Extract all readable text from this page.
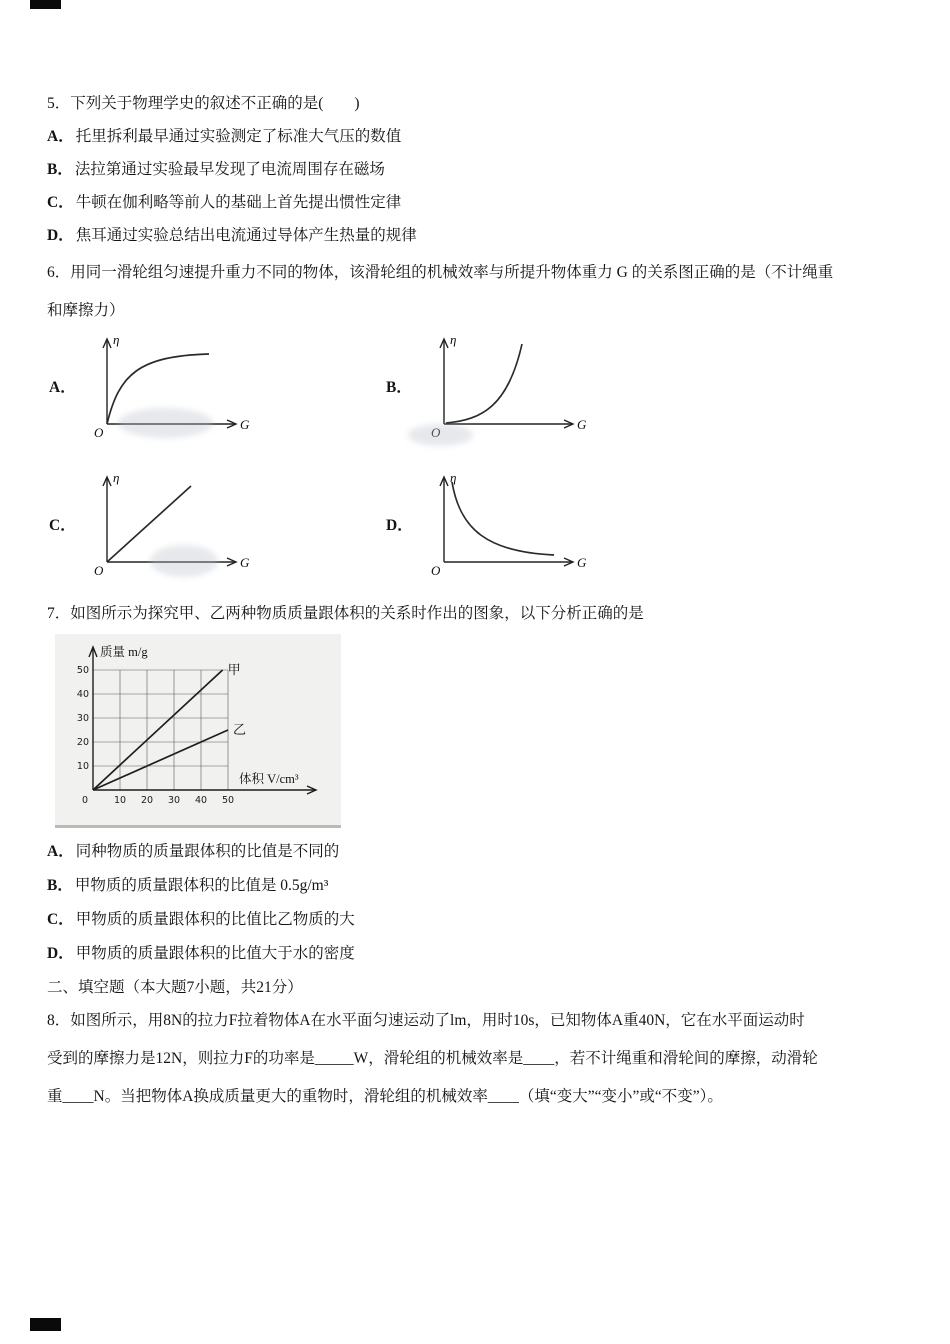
5．下列关于物理学史的叙述不正确的是(　　)

A． 托里拆利最早通过实验测定了标准大气压的数值

B． 法拉第通过实验最早发现了电流周围存在磁场

C． 牛顿在伽利略等前人的基础上首先提出惯性定律

D． 焦耳通过实验总结出电流通过导体产生热量的规律

6．用同一滑轮组匀速提升重力不同的物体，该滑轮组的机械效率与所提升物体重力 G 的关系图正确的是（不计绳重

和摩擦力）

A．
η
G
O
B．
η
G
O
C．
η
G
O
D．
η
G
O

7．如图所示为探究甲、乙两种物质质量跟体积的关系时作出的图象，以下分析正确的是

10 20 30 40 50
10
20
30
40
50
0
质量 m/g
体积 V/cm³
甲
乙

A． 同种物质的质量跟体积的比值是不同的

B． 甲物质的质量跟体积的比值是 0.5g/m³

C． 甲物质的质量跟体积的比值比乙物质的大

D． 甲物质的质量跟体积的比值大于水的密度

二、填空题（本大题7小题，共21分）

8．如图所示，用8N的拉力F拉着物体A在水平面匀速运动了lm，用时10s，已知物体A重40N，它在水平面运动时

受到的摩擦力是12N，则拉力F的功率是_____W，滑轮组的机械效率是____，若不计绳重和滑轮间的摩擦，动滑轮

重____N。当把物体A换成质量更大的重物时，滑轮组的机械效率____（填“变大”“变小”或“不变”）。
